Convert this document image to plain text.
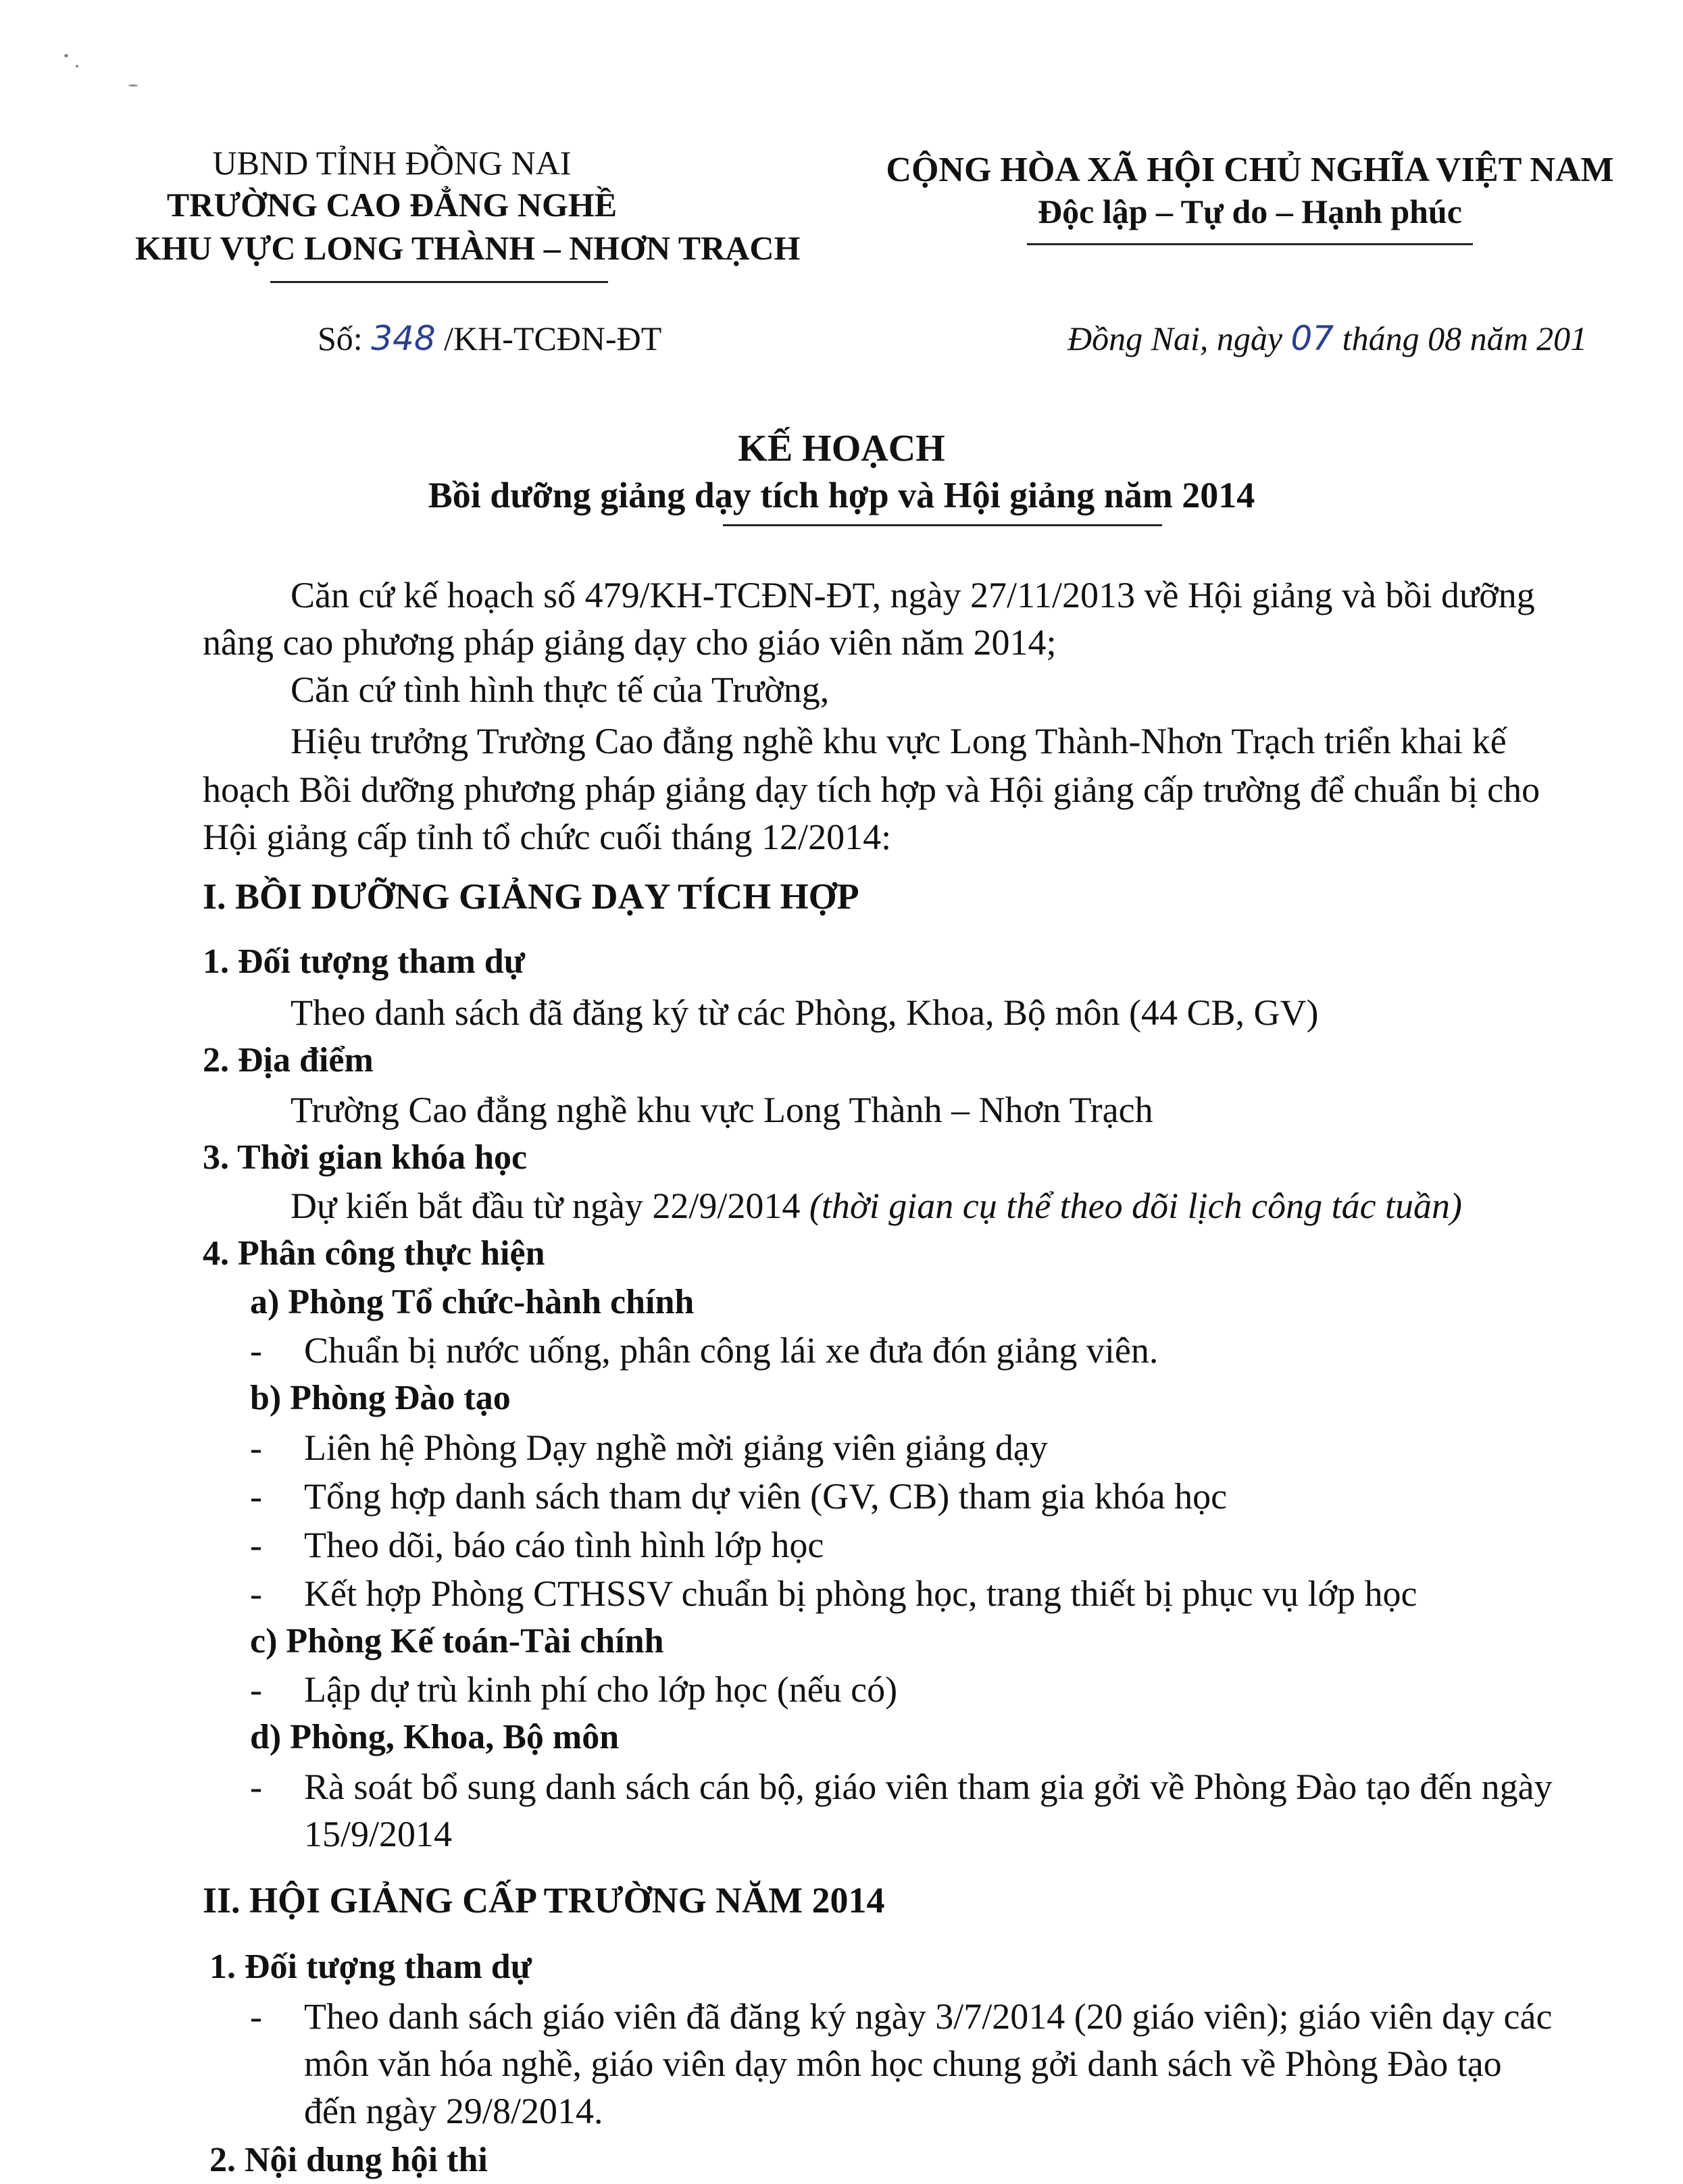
UBND TỈNH ĐỒNG NAI
TRƯỜNG CAO ĐẲNG NGHỀ
KHU VỰC LONG THÀNH – NHƠN TRẠCH
CỘNG HÒA XÃ HỘI CHỦ NGHĨA VIỆT NAM
Độc lập – Tự do – Hạnh phúc
Số: 348 /KH-TCĐN-ĐT	Đồng Nai, ngày 07 tháng 08 năm 201
KẾ HOẠCH
Bồi dưỡng giảng dạy tích hợp và Hội giảng năm 2014
Căn cứ kế hoạch số 479/KH-TCĐN-ĐT, ngày 27/11/2013 về Hội giảng và bồi dưỡng
nâng cao phương pháp giảng dạy cho giáo viên năm 2014;
Căn cứ tình hình thực tế của Trường,
Hiệu trưởng Trường Cao đẳng nghề khu vực Long Thành-Nhơn Trạch triển khai kế
hoạch Bồi dưỡng phương pháp giảng dạy tích hợp và Hội giảng cấp trường để chuẩn bị cho
Hội giảng cấp tỉnh tổ chức cuối tháng 12/2014:
I. BỒI DƯỠNG GIẢNG DẠY TÍCH HỢP
1. Đối tượng tham dự
Theo danh sách đã đăng ký từ các Phòng, Khoa, Bộ môn (44 CB, GV)
2. Địa điểm
Trường Cao đẳng nghề khu vực Long Thành – Nhơn Trạch
3. Thời gian khóa học
Dự kiến bắt đầu từ ngày 22/9/2014 (thời gian cụ thể theo dõi lịch công tác tuần)
4. Phân công thực hiện
a) Phòng Tổ chức-hành chính
- Chuẩn bị nước uống, phân công lái xe đưa đón giảng viên.
b) Phòng Đào tạo
- Liên hệ Phòng Dạy nghề mời giảng viên giảng dạy
- Tổng hợp danh sách tham dự viên (GV, CB) tham gia khóa học
- Theo dõi, báo cáo tình hình lớp học
- Kết hợp Phòng CTHSSV chuẩn bị phòng học, trang thiết bị phục vụ lớp học
c) Phòng Kế toán-Tài chính
- Lập dự trù kinh phí cho lớp học (nếu có)
d) Phòng, Khoa, Bộ môn
- Rà soát bổ sung danh sách cán bộ, giáo viên tham gia gởi về Phòng Đào tạo đến ngày
15/9/2014
II. HỘI GIẢNG CẤP TRƯỜNG NĂM 2014
1. Đối tượng tham dự
- Theo danh sách giáo viên đã đăng ký ngày 3/7/2014 (20 giáo viên); giáo viên dạy các
môn văn hóa nghề, giáo viên dạy môn học chung gởi danh sách về Phòng Đào tạo
đến ngày 29/8/2014.
2. Nội dung hội thi
